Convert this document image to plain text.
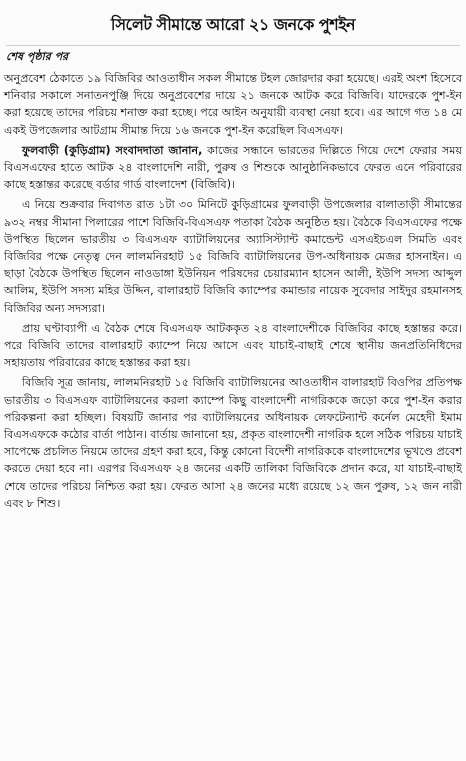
সিলেট সীমান্তে আরো ২১ জনকে পুশইন
শেষ পৃষ্ঠার পর

অনুপ্রবেশ ঠেকাতে ১৯ বিজিবির আওতাধীন সকল সীমান্তে টহল জোরদার করা হয়েছে। এরই অংশ হিসেবে শনিবার সকালে সনাতনপুঞ্জি দিয়ে অনুপ্রবেশের দায়ে ২১ জনকে আটক করে বিজিবি। যাদেরকে পুশ-ইন করা হয়েছে তাদের পরিচয় শনাক্ত করা হচ্ছে। পরে আইন অনুযায়ী ব্যবস্থা নেয়া হবে। এর আগে গত ১৪ মে একই উপজেলার আটগ্রাম সীমান্ত দিয়ে ১৬ জনকে পুশ-ইন করেছিল বিএসএফ।

ফুলবাড়ী (কুড়িগ্রাম) সংবাদদাতা জানান, কাজের সন্ধানে ভারতের দিল্লিতে গিয়ে দেশে ফেরার সময় বিএসএফের হাতে আটক ২৪ বাংলাদেশি নারী, পুরুষ ও শিশুকে আনুষ্ঠানিকভাবে ফেরত এনে পরিবারের কাছে হস্তান্তর করেছে বর্ডার গার্ড বাংলাদেশ (বিজিবি)।

এ নিয়ে শুক্রবার দিবাগত রাত ১টা ৩০ মিনিটে কুড়িগ্রামের ফুলবাড়ী উপজেলার বালাতাড়ী সীমান্তের ৯৩২ নম্বর সীমানা পিলারের পাশে বিজিবি-বিএসএফ পতাকা বৈঠক অনুষ্ঠিত হয়। বৈঠকে বিএসএফের পক্ষে উপস্থিত ছিলেন ভারতীয় ৩ বিএসএফ ব্যাটালিয়নের অ্যাসিস্ট্যান্ট কমান্ডেন্ট এসএইচএল সিমতি এবং বিজিবির পক্ষে নেতৃত্ব দেন লালমনিরহাট ১৫ বিজিবি ব্যাটালিয়নের উপ-অধিনায়ক মেজর হাসনাইন। এ ছাড়া বৈঠকে উপস্থিত ছিলেন নাওডাঙ্গা ইউনিয়ন পরিষদের চেয়ারম্যান হাসেন আলী, ইউপি সদস্য আব্দুল আলিম, ইউপি সদস্য মহির উদ্দিন, বালারহাট বিজিবি ক্যাম্পের কমান্ডার নায়েক সুবেদার সাইদুর রহমানসহ বিজিবির অন্য সদস্যরা।

প্রায় ঘণ্টাব্যাপী এ বৈঠক শেষে বিএসএফ আটককৃত ২৪ বাংলাদেশীকে বিজিবির কাছে হস্তান্তর করে। পরে বিজিবি তাদের বালারহাট ক্যাম্পে নিয়ে আসে এবং যাচাই-বাছাই শেষে স্থানীয় জনপ্রতিনিধিদের সহায়তায় পরিবারের কাছে হস্তান্তর করা হয়।

বিজিবি সূত্র জানায়, লালমনিরহাট ১৫ বিজিবি ব্যাটালিয়নের আওতাধীন বালারহাট বিওপির প্রতিপক্ষ ভারতীয় ৩ বিএসএফ ব্যাটালিয়নের করলা ক্যাম্পে কিছু বাংলাদেশী নাগরিককে জড়ো করে পুশ-ইন করার পরিকল্পনা করা হচ্ছিল। বিষয়টি জানার পর ব্যাটালিয়নের অধিনায়ক লেফটেন্যান্ট কর্নেল মেহেদী ইমাম বিএসএফকে কঠোর বার্তা পাঠান। বার্তায় জানানো হয়, প্রকৃত বাংলাদেশী নাগরিক হলে সঠিক পরিচয় যাচাই সাপেক্ষে প্রচলিত নিয়মে তাদের গ্রহণ করা হবে, কিন্তু কোনো বিদেশী নাগরিককে বাংলাদেশের ভূখণ্ডে প্রবেশ করতে দেয়া হবে না। এরপর বিএসএফ ২৪ জনের একটি তালিকা বিজিবিকে প্রদান করে, যা যাচাই-বাছাই শেষে তাদের পরিচয় নিশ্চিত করা হয়। ফেরত আসা ২৪ জনের মধ্যে রয়েছে ১২ জন পুরুষ, ১২ জন নারী এবং ৮ শিশু।
